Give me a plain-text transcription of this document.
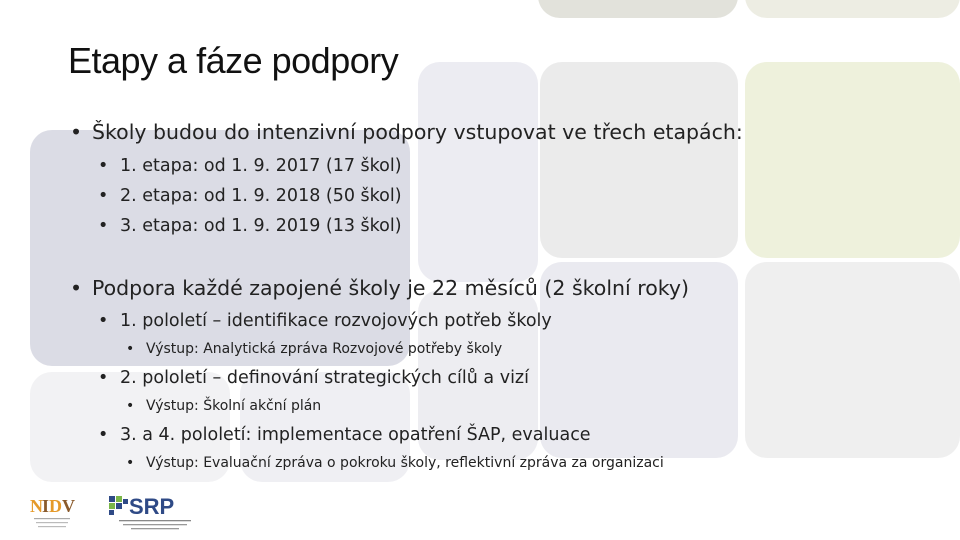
Etapy a fáze podpory
• Školy budou do intenzivní podpory vstupovat ve třech etapách:
• 1. etapa: od 1. 9. 2017 (17 škol)
• 2. etapa: od 1. 9. 2018 (50 škol)
• 3. etapa: od 1. 9. 2019 (13 škol)
• Podpora každé zapojené školy je 22 měsíců (2 školní roky)
• 1. pololetí – identifikace rozvojových potřeb školy
• Výstup: Analytická zpráva Rozvojové potřeby školy
• 2. pololetí – definování strategických cílů a vizí
• Výstup: Školní akční plán
• 3. a 4. pololetí: implementace opatření ŠAP, evaluace
• Výstup: Evaluační zpráva o pokroku školy, reflektivní zpráva za organizaci
N I D V SRP
